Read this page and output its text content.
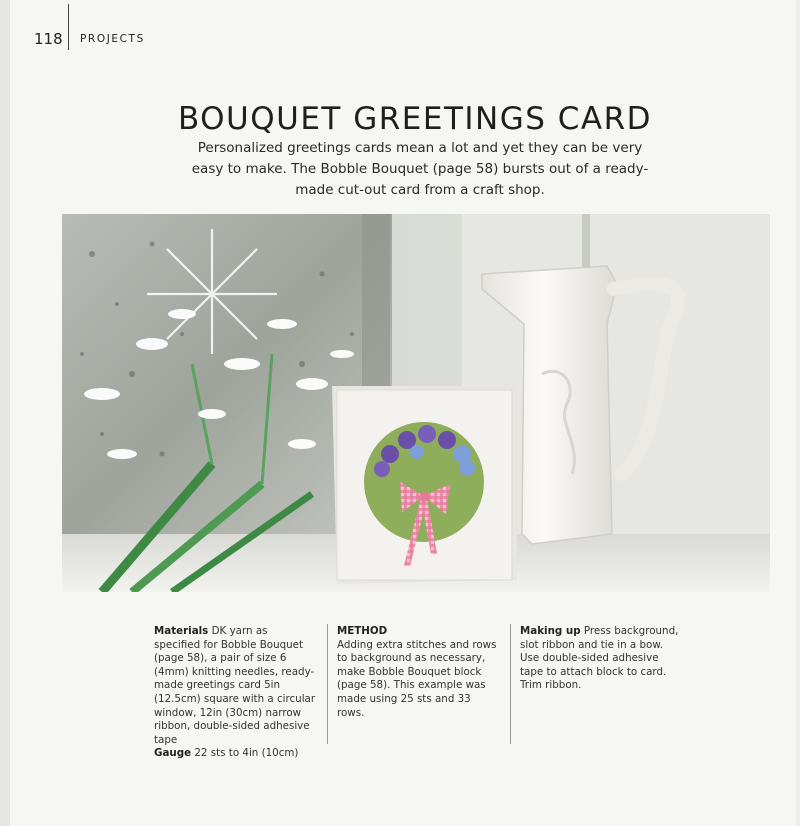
118 PROJECTS
BOUQUET GREETINGS CARD

Personalized greetings cards mean a lot and yet they can be very easy to make. The Bobble Bouquet (page 58) bursts out of a ready-made cut-out card from a craft shop.

Materials DK yarn as specified for Bobble Bouquet (page 58), a pair of size 6 (4mm) knitting needles, ready-made greetings card 5in (12.5cm) square with a circular window, 12in (30cm) narrow ribbon, double-sided adhesive tape
Gauge 22 sts to 4in (10cm)
METHOD
Adding extra stitches and rows to background as necessary, make Bobble Bouquet block (page 58). This example was made using 25 sts and 33 rows.
Making up Press background, slot ribbon and tie in a bow. Use double-sided adhesive tape to attach block to card. Trim ribbon.
